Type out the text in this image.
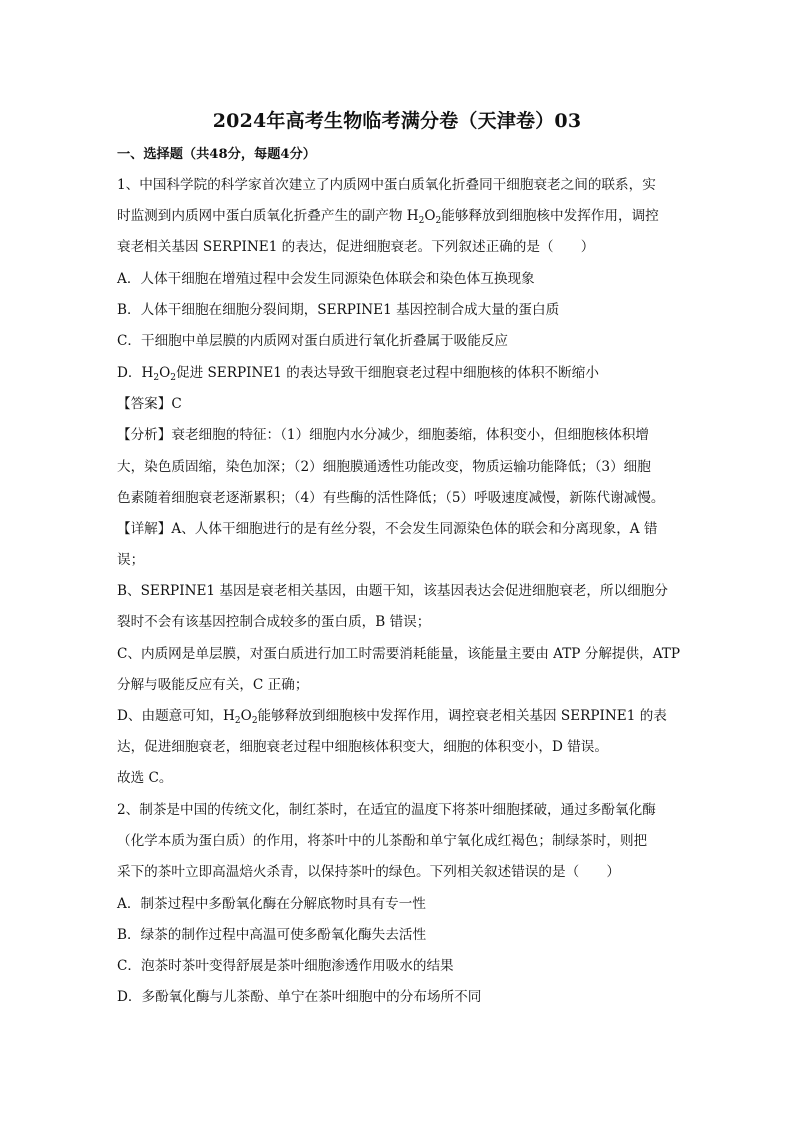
2024年高考生物临考满分卷（天津卷）03
一、选择题（共48分，每题4分）
1、中国科学院的科学家首次建立了内质网中蛋白质氧化折叠同干细胞衰老之间的联系，实
时监测到内质网中蛋白质氧化折叠产生的副产物 $H_2O_2$能够释放到细胞核中发挥作用，调控
衰老相关基因 SERPINE1 的表达，促进细胞衰老。下列叙述正确的是（　　）
A．人体干细胞在增殖过程中会发生同源染色体联会和染色体互换现象
B．人体干细胞在细胞分裂间期，SERPINE1 基因控制合成大量的蛋白质
C．干细胞中单层膜的内质网对蛋白质进行氧化折叠属于吸能反应
D．$H_2O_2$促进 SERPINE1 的表达导致干细胞衰老过程中细胞核的体积不断缩小
【答案】C
【分析】衰老细胞的特征：（1）细胞内水分减少，细胞萎缩，体积变小，但细胞核体积增
大，染色质固缩，染色加深；（2）细胞膜通透性功能改变，物质运输功能降低；（3）细胞
色素随着细胞衰老逐渐累积；（4）有些酶的活性降低；（5）呼吸速度减慢，新陈代谢减慢。
【详解】A、人体干细胞进行的是有丝分裂，不会发生同源染色体的联会和分离现象，A 错
误；
B、SERPINE1 基因是衰老相关基因，由题干知，该基因表达会促进细胞衰老，所以细胞分
裂时不会有该基因控制合成较多的蛋白质，B 错误；
C、内质网是单层膜，对蛋白质进行加工时需要消耗能量，该能量主要由 ATP 分解提供，ATP
分解与吸能反应有关，C 正确；
D、由题意可知，$H_2O_2$能够释放到细胞核中发挥作用，调控衰老相关基因 SERPINE1 的表
达，促进细胞衰老，细胞衰老过程中细胞核体积变大，细胞的体积变小，D 错误。
故选 C。
2、制茶是中国的传统文化，制红茶时，在适宜的温度下将茶叶细胞揉破，通过多酚氧化酶
（化学本质为蛋白质）的作用，将茶叶中的儿茶酚和单宁氧化成红褐色；制绿茶时，则把
采下的茶叶立即高温焙火杀青，以保持茶叶的绿色。下列相关叙述错误的是（　　）
A．制茶过程中多酚氧化酶在分解底物时具有专一性
B．绿茶的制作过程中高温可使多酚氧化酶失去活性
C．泡茶时茶叶变得舒展是茶叶细胞渗透作用吸水的结果
D．多酚氧化酶与儿茶酚、单宁在茶叶细胞中的分布场所不同
